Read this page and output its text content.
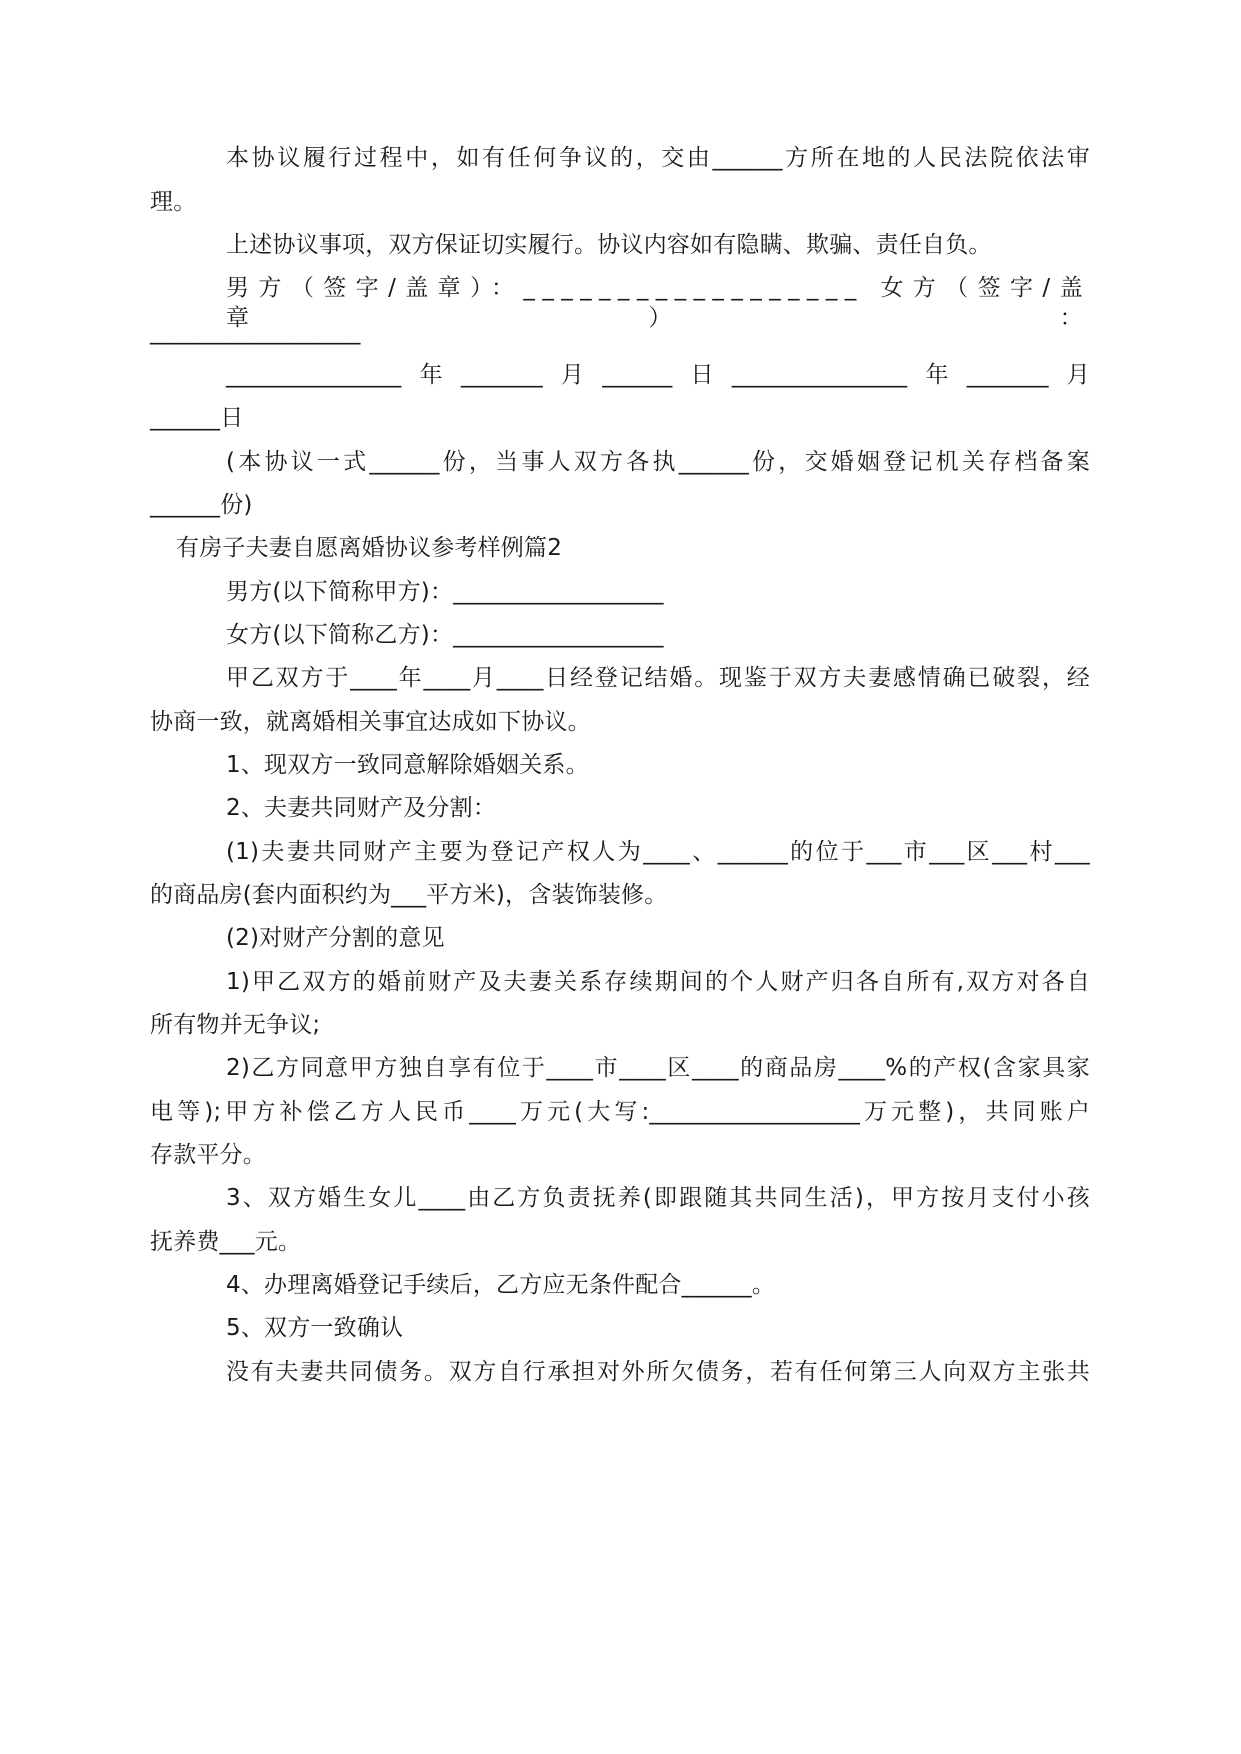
本协议履行过程中，如有任何争议的，交由______方所在地的人民法院依法审
理。
上述协议事项，双方保证切实履行。协议内容如有隐瞒、欺骗、责任自负。
男方（签字/盖章）：__________________ 女方（签字/盖章）：
__________________
_______________年_______月______日_______________年_______月
______日
(本协议一式______份，当事人双方各执______份，交婚姻登记机关存档备案
______份)
有房子夫妻自愿离婚协议参考样例篇2
男方(以下简称甲方)：__________________
女方(以下简称乙方)：__________________
甲乙双方于____年____月____日经登记结婚。现鉴于双方夫妻感情确已破裂，经
协商一致，就离婚相关事宜达成如下协议。
1、现双方一致同意解除婚姻关系。
2、夫妻共同财产及分割：
(1)夫妻共同财产主要为登记产权人为____、______的位于___市___区___村___
的商品房(套内面积约为___平方米)，含装饰装修。
(2)对财产分割的意见
1)甲乙双方的婚前财产及夫妻关系存续期间的个人财产归各自所有,双方对各自
所有物并无争议;
2)乙方同意甲方独自享有位于____市____区____的商品房____%的产权(含家具家
电等);甲方补偿乙方人民币____万元(大写:__________________万元整)，共同账户
存款平分。
3、双方婚生女儿____由乙方负责抚养(即跟随其共同生活)，甲方按月支付小孩
抚养费___元。
4、办理离婚登记手续后，乙方应无条件配合______。
5、双方一致确认
没有夫妻共同债务。双方自行承担对外所欠债务，若有任何第三人向双方主张共
